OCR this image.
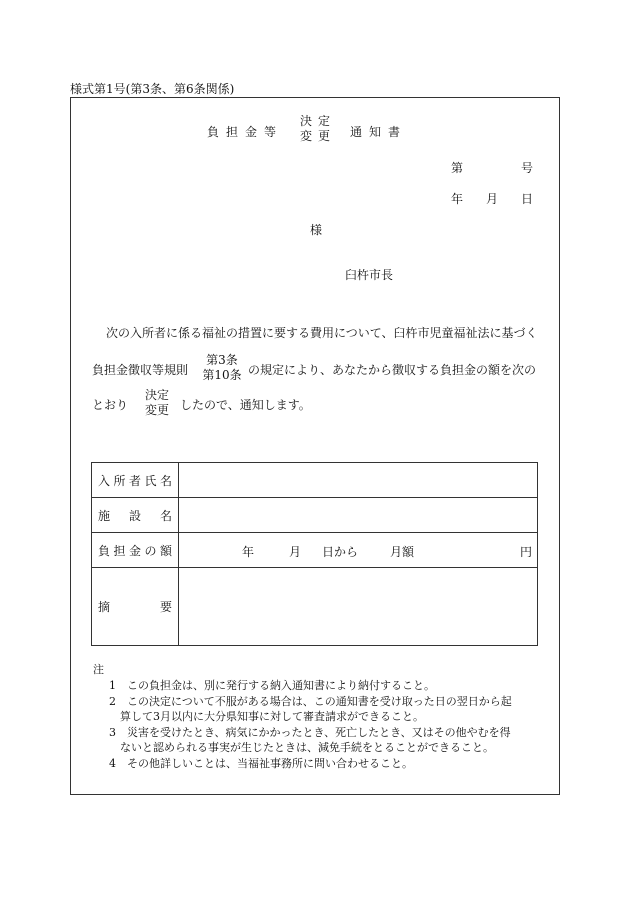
様式第1号(第3条、第6条関係)
負担金等
決定
変更 通知書
第	号
年 月 日
様
臼杵市長
次の入所者に係る福祉の措置に要する費用について、臼杵市児童福祉法に基づく
負担金徴収等規則
第3条
第10条 の規定により、あなたから徴収する負担金の額を次の
とおり
決定
変更 したので、通知します。
入 所 者 氏 名	

施 設 名	

負 担 金 の 額	年 月 日から 月額 円

摘 要	

注
1 この負担金は、別に発行する納入通知書により納付すること。
2 この決定について不服がある場合は、この通知書を受け取った日の翌日から起
算して3月以内に大分県知事に対して審査請求ができること。
3 災害を受けたとき、病気にかかったとき、死亡したとき、又はその他やむを得
ないと認められる事実が生じたときは、減免手続をとることができること。
4 その他詳しいことは、当福祉事務所に問い合わせること。
